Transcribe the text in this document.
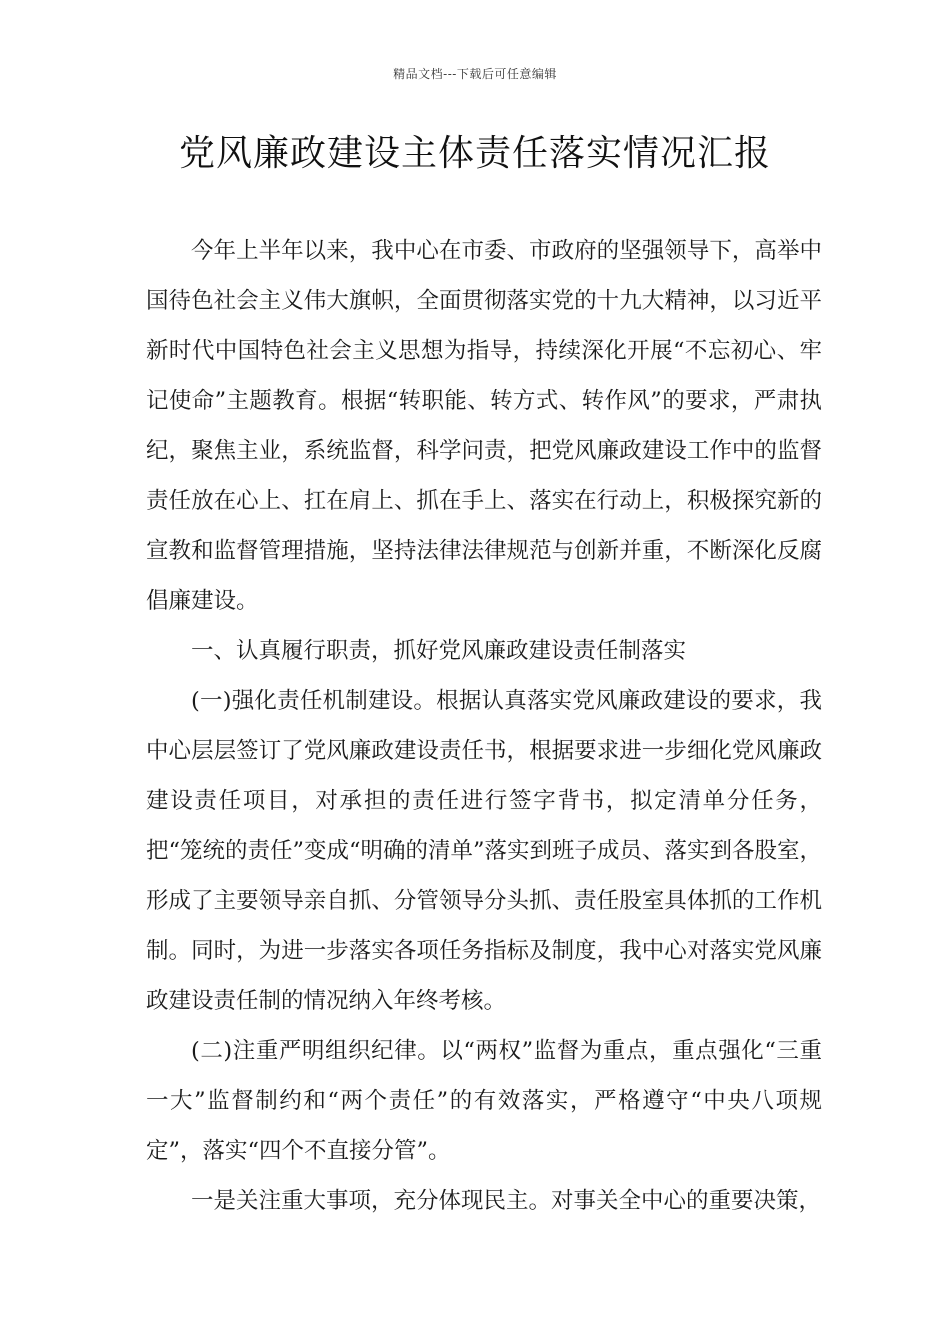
精品文档---下载后可任意编辑
党风廉政建设主体责任落实情况汇报

今年上半年以来，我中心在市委、市政府的坚强领导下，高举中国待色社会主义伟大旗帜，全面贯彻落实党的十九大精神，以习近平新时代中国特色社会主义思想为指导，持续深化开展“不忘初心、牢记使命”主题教育。根据“转职能、转方式、转作风”的要求，严肃执纪，聚焦主业，系统监督，科学问责，把党风廉政建设工作中的监督责任放在心上、扛在肩上、抓在手上、落实在行动上，积极探究新的宣教和监督管理措施，坚持法律法律规范与创新并重，不断深化反腐倡廉建设。

一、认真履行职责，抓好党风廉政建设责任制落实

(一)强化责任机制建设。根据认真落实党风廉政建设的要求，我中心层层签订了党风廉政建设责任书，根据要求进一步细化党风廉政建设责任项目，对承担的责任进行签字背书，拟定清单分任务，把“笼统的责任”变成“明确的清单”落实到班子成员、落实到各股室，形成了主要领导亲自抓、分管领导分头抓、责任股室具体抓的工作机制。同时，为进一步落实各项任务指标及制度，我中心对落实党风廉政建设责任制的情况纳入年终考核。

(二)注重严明组织纪律。以“两权”监督为重点，重点强化“三重一大”监督制约和“两个责任”的有效落实，严格遵守“中央八项规定”，落实“四个不直接分管”。

一是关注重大事项，充分体现民主。对事关全中心的重要决策，
